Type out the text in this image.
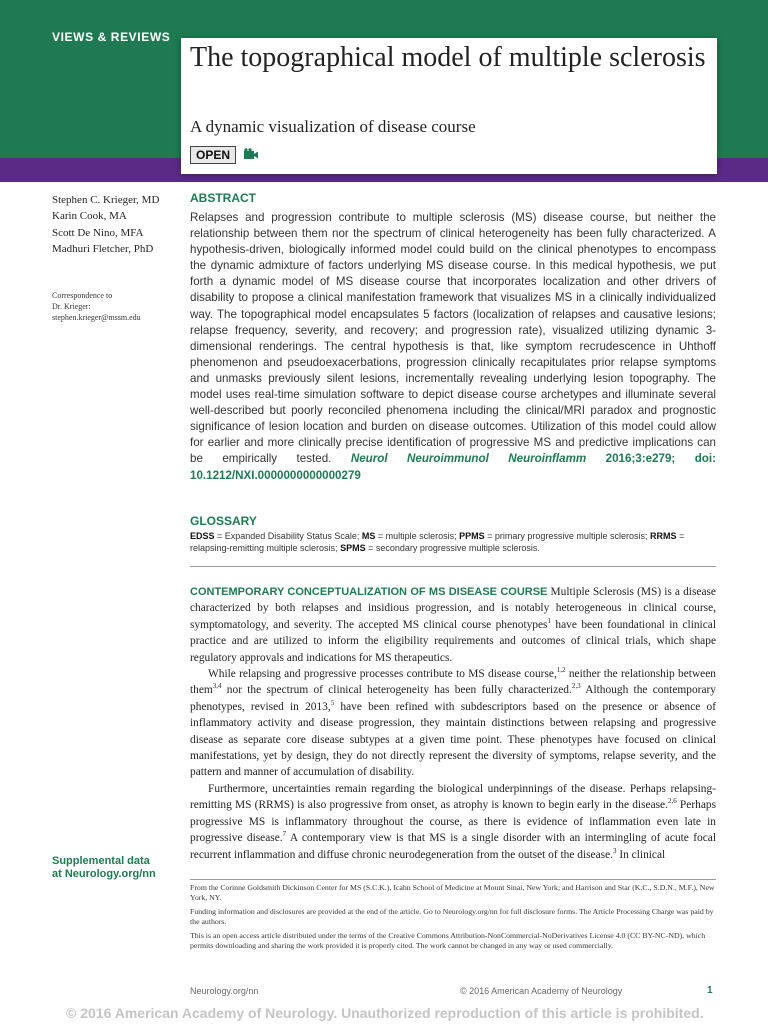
VIEWS & REVIEWS
The topographical model of multiple sclerosis
A dynamic visualization of disease course
OPEN
Stephen C. Krieger, MD
Karin Cook, MA
Scott De Nino, MFA
Madhuri Fletcher, PhD
Correspondence to
Dr. Krieger:
stephen.krieger@mssm.edu
ABSTRACT
Relapses and progression contribute to multiple sclerosis (MS) disease course, but neither the relationship between them nor the spectrum of clinical heterogeneity has been fully characterized. A hypothesis-driven, biologically informed model could build on the clinical phenotypes to encompass the dynamic admixture of factors underlying MS disease course. In this medical hypothesis, we put forth a dynamic model of MS disease course that incorporates localization and other drivers of disability to propose a clinical manifestation framework that visualizes MS in a clinically individualized way. The topographical model encapsulates 5 factors (localization of relapses and causative lesions; relapse frequency, severity, and recovery; and progression rate), visualized utilizing dynamic 3-dimensional renderings. The central hypothesis is that, like symptom recrudescence in Uhthoff phenomenon and pseudoexacerbations, progression clinically recapitulates prior relapse symptoms and unmasks previously silent lesions, incrementally revealing underlying lesion topography. The model uses real-time simulation software to depict disease course archetypes and illuminate several well-described but poorly reconciled phenomena including the clinical/MRI paradox and prognostic significance of lesion location and burden on disease outcomes. Utilization of this model could allow for earlier and more clinically precise identification of progressive MS and predictive implications can be empirically tested. Neurol Neuroimmunol Neuroinflamm 2016;3:e279; doi: 10.1212/NXI.0000000000000279
GLOSSARY
EDSS = Expanded Disability Status Scale; MS = multiple sclerosis; PPMS = primary progressive multiple sclerosis; RRMS = relapsing-remitting multiple sclerosis; SPMS = secondary progressive multiple sclerosis.

CONTEMPORARY CONCEPTUALIZATION OF MS DISEASE COURSE Multiple Sclerosis (MS) is a disease characterized by both relapses and insidious progression, and is notably heterogeneous in clinical course, symptomatology, and severity. The accepted MS clinical course phenotypes$^1$ have been foundational in clinical practice and are utilized to inform the eligibility requirements and outcomes of clinical trials, which shape regulatory approvals and indications for MS therapeutics.

While relapsing and progressive processes contribute to MS disease course,$^{1,2}$ neither the relationship between them$^{3,4}$ nor the spectrum of clinical heterogeneity has been fully characterized.$^{2,3}$ Although the contemporary phenotypes, revised in 2013,$^5$ have been refined with subdescriptors based on the presence or absence of inflammatory activity and disease progression, they maintain distinctions between relapsing and progressive disease as separate core disease subtypes at a given time point. These phenotypes have focused on clinical manifestations, yet by design, they do not directly represent the diversity of symptoms, relapse severity, and the pattern and manner of accumulation of disability.

Furthermore, uncertainties remain regarding the biological underpinnings of the disease. Perhaps relapsing-remitting MS (RRMS) is also progressive from onset, as atrophy is known to begin early in the disease.$^{2,6}$ Perhaps progressive MS is inflammatory throughout the course, as there is evidence of inflammation even late in progressive disease.$^7$ A contemporary view is that MS is a single disorder with an intermingling of acute focal recurrent inflammation and diffuse chronic neurodegeneration from the outset of the disease.$^3$ In clinical

Supplemental data
at Neurology.org/nn

From the Corinne Goldsmith Dickinson Center for MS (S.C.K.), Icahn School of Medicine at Mount Sinai, New York; and Harrison and Star (K.C., S.D.N., M.F.), New York, NY.

Funding information and disclosures are provided at the end of the article. Go to Neurology.org/nn for full disclosure forms. The Article Processing Charge was paid by the authors.

This is an open access article distributed under the terms of the Creative Commons Attribution-NonCommercial-NoDerivatives License 4.0 (CC BY-NC-ND), which permits downloading and sharing the work provided it is properly cited. The work cannot be changed in any way or used commercially.

Neurology.org/nn	© 2016 American Academy of Neurology	1
© 2016 American Academy of Neurology. Unauthorized reproduction of this article is prohibited.
